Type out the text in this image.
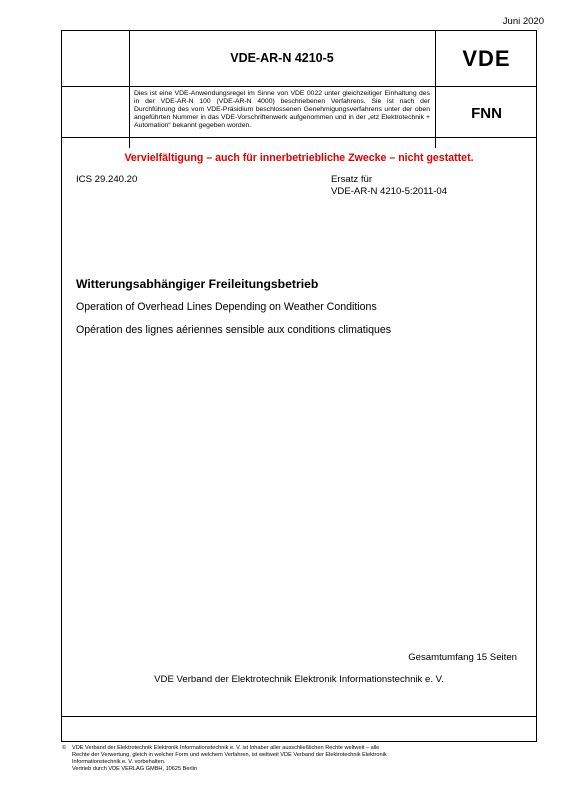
Juni 2020
VDE-AR-N 4210-5	VDE
Dies ist eine VDE-Anwendungsregel im Sinne von VDE 0022 unter gleichzeitiger Einhaltung des in der VDE-AR-N 100 (VDE-AR-N 4000) beschriebenen Verfahrens. Sie ist nach der Durchführung des vom VDE-Präsidium beschlossenen Genehmigungsverfahrens unter der oben angeführten Nummer in das VDE-Vorschriftenwerk aufgenommen und in der „etz Elektrotechnik + Automation“ bekannt gegeben worden.
FNN
Vervielfältigung – auch für innerbetriebliche Zwecke – nicht gestattet.
ICS 29.240.20	Ersatz für
VDE-AR-N 4210-5:2011-04
Witterungsabhängiger Freileitungsbetrieb
Operation of Overhead Lines Depending on Weather Conditions
Opération des lignes aériennes sensible aux conditions climatiques
Gesamtumfang 15 Seiten
VDE Verband der Elektrotechnik Elektronik Informationstechnik e. V.
© VDE Verband der Elektrotechnik Elektronik Informationstechnik e. V. ist Inhaber aller ausschließlichen Rechte weltweit – alle
Rechte der Verwertung, gleich in welcher Form und welchem Verfahren, ist weltweit VDE Verband der Elektrotechnik Elektronik
Informationstechnik e. V. vorbehalten.
Vertrieb durch VDE VERLAG GMBH, 10625 Berlin
